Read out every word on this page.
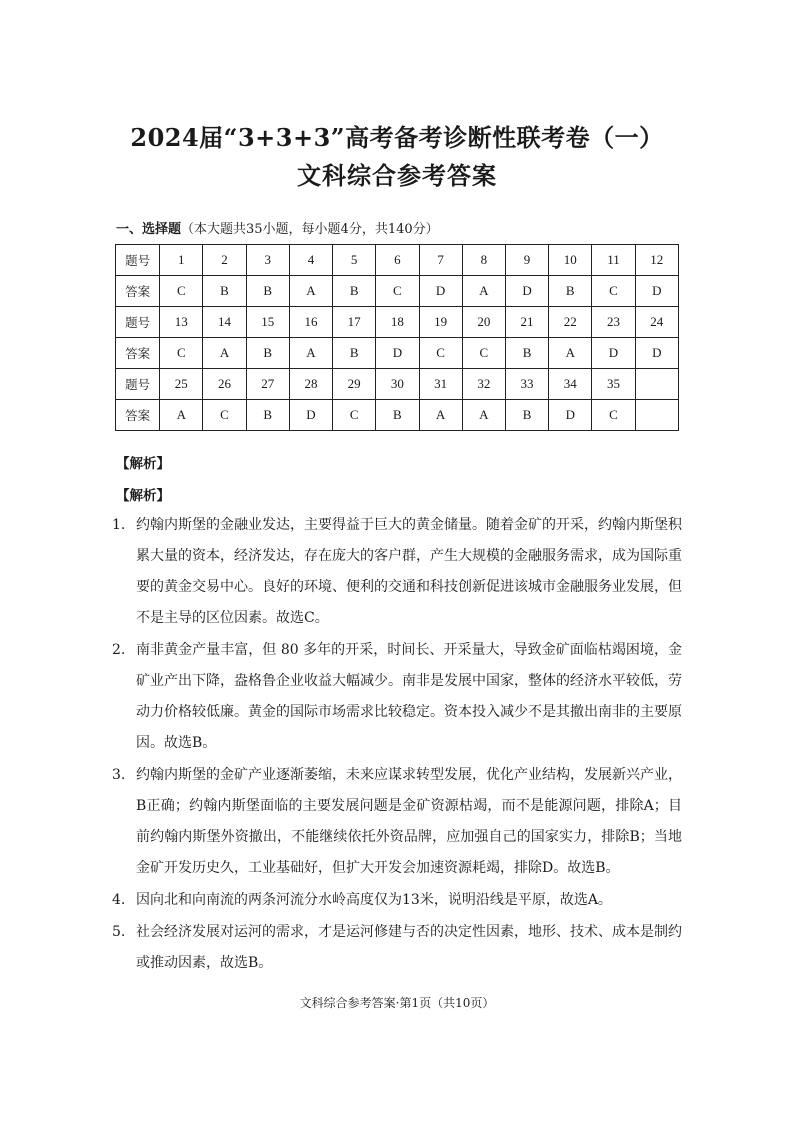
2024届“3+3+3”高考备考诊断性联考卷（一）
文科综合参考答案
一、选择题（本大题共35小题，每小题4分，共140分）
题号	1	2	3	4	5	6	7	8	9	10	11	12
答案	C	B	B	A	B	C	D	A	D	B	C	D
题号	13	14	15	16	17	18	19	20	21	22	23	24
答案	C	A	B	A	B	D	C	C	B	A	D	D
题号	25	26	27	28	29	30	31	32	33	34	35	
答案	A	C	B	D	C	B	A	A	B	D	C	
【解析】
【解析】
1. 约翰内斯堡的金融业发达，主要得益于巨大的黄金储量。随着金矿的开采，约翰内斯堡积累大量的资本，经济发达，存在庞大的客户群，产生大规模的金融服务需求，成为国际重要的黄金交易中心。良好的环境、便利的交通和科技创新促进该城市金融服务业发展，但不是主导的区位因素。故选C。
2. 南非黄金产量丰富，但 80 多年的开采，时间长、开采量大，导致金矿面临枯竭困境，金矿业产出下降，盎格鲁企业收益大幅减少。南非是发展中国家，整体的经济水平较低，劳动力价格较低廉。黄金的国际市场需求比较稳定。资本投入减少不是其撤出南非的主要原因。故选B。
3. 约翰内斯堡的金矿产业逐渐萎缩，未来应谋求转型发展，优化产业结构，发展新兴产业，B正确；约翰内斯堡面临的主要发展问题是金矿资源枯竭，而不是能源问题，排除A；目前约翰内斯堡外资撤出，不能继续依托外资品牌，应加强自己的国家实力，排除B；当地金矿开发历史久，工业基础好，但扩大开发会加速资源耗竭，排除D。故选B。
4. 因向北和向南流的两条河流分水岭高度仅为13米，说明沿线是平原，故选A。
5. 社会经济发展对运河的需求，才是运河修建与否的决定性因素，地形、技术、成本是制约或推动因素，故选B。
文科综合参考答案·第1页（共10页）
